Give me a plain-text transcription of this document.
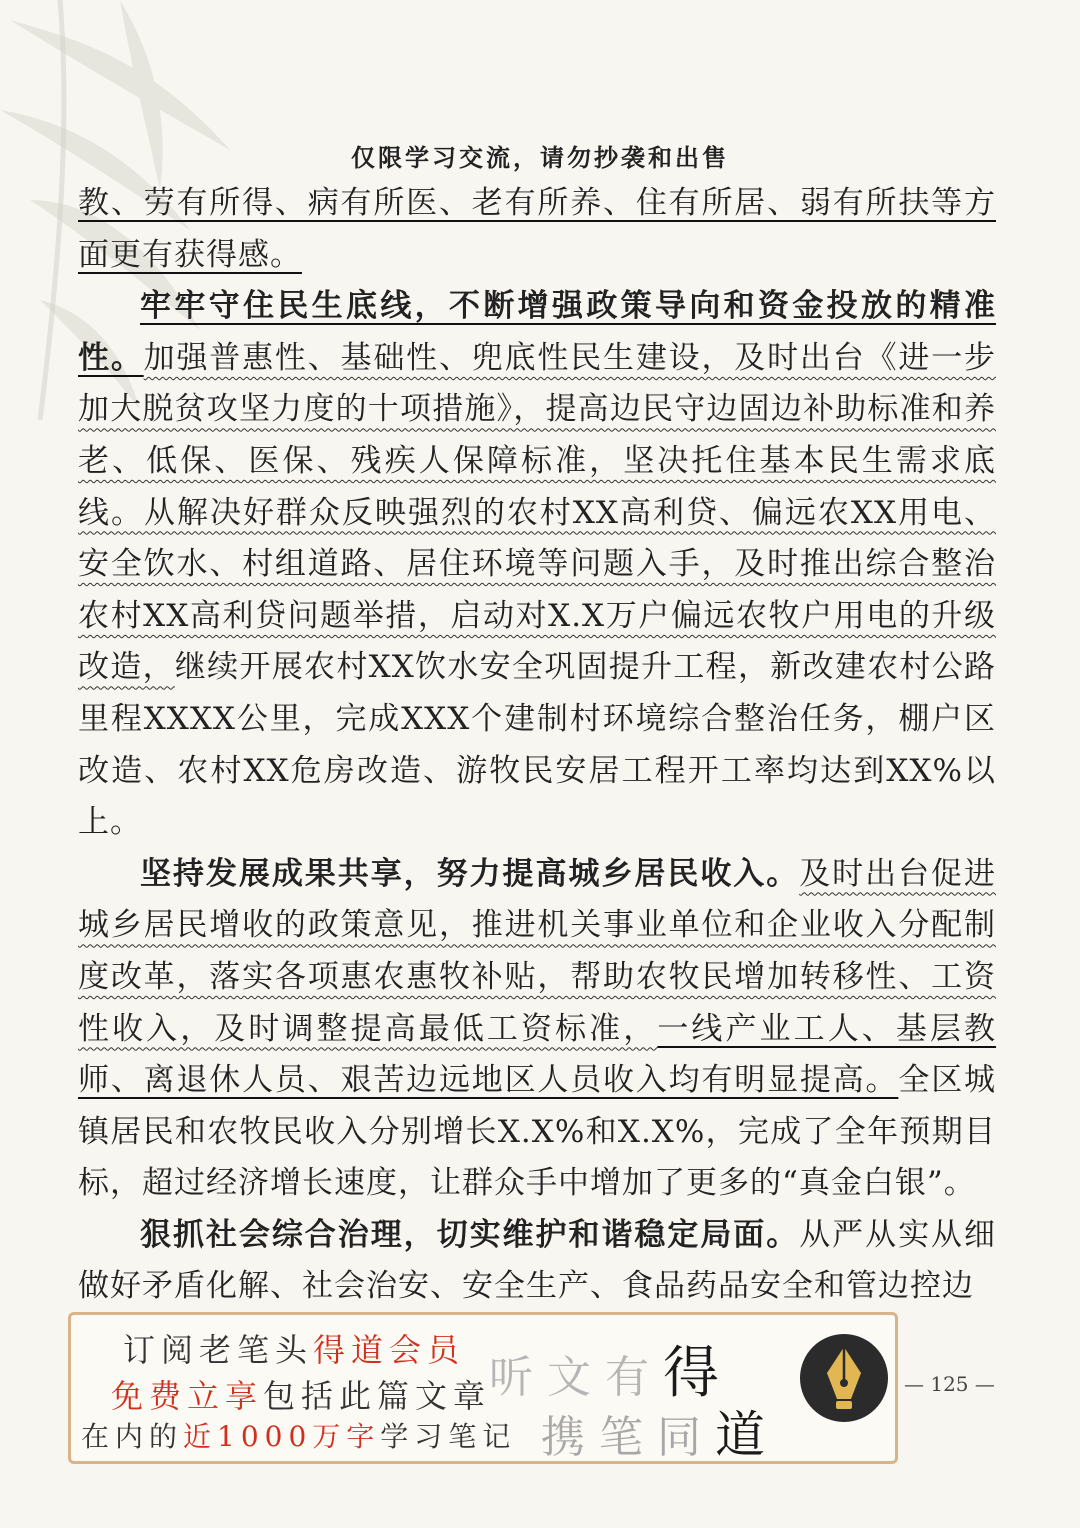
仅限学习交流，请勿抄袭和出售

教、劳有所得、病有所医、老有所养、住有所居、弱有所扶等方面更有获得感。

牢牢守住民生底线，不断增强政策导向和资金投放的精准性。加强普惠性、基础性、兜底性民生建设，及时出台《进一步加大脱贫攻坚力度的十项措施》，提高边民守边固边补助标准和养老、低保、医保、残疾人保障标准，坚决托住基本民生需求底线。从解决好群众反映强烈的农村XX高利贷、偏远农XX用电、安全饮水、村组道路、居住环境等问题入手，及时推出综合整治农村XX高利贷问题举措，启动对X.X万户偏远农牧户用电的升级改造，继续开展农村XX饮水安全巩固提升工程，新改建农村公路里程XXXX公里，完成XXX个建制村环境综合整治任务，棚户区改造、农村XX危房改造、游牧民安居工程开工率均达到XX%以上。

坚持发展成果共享，努力提高城乡居民收入。及时出台促进城乡居民增收的政策意见，推进机关事业单位和企业收入分配制度改革，落实各项惠农惠牧补贴，帮助农牧民增加转移性、工资性收入，及时调整提高最低工资标准，一线产业工人、基层教师、离退休人员、艰苦边远地区人员收入均有明显提高。全区城镇居民和农牧民收入分别增长X.X%和X.X%，完成了全年预期目标，超过经济增长速度，让群众手中增加了更多的“真金白银”。

狠抓社会综合治理，切实维护和谐稳定局面。从严从实从细做好矛盾化解、社会治安、安全生产、食品药品安全和管边控边

订阅老笔头得道会员
免费立享包括此篇文章
在内的近1000万字学习笔记
听文有得
携笔同道
— 125 —
